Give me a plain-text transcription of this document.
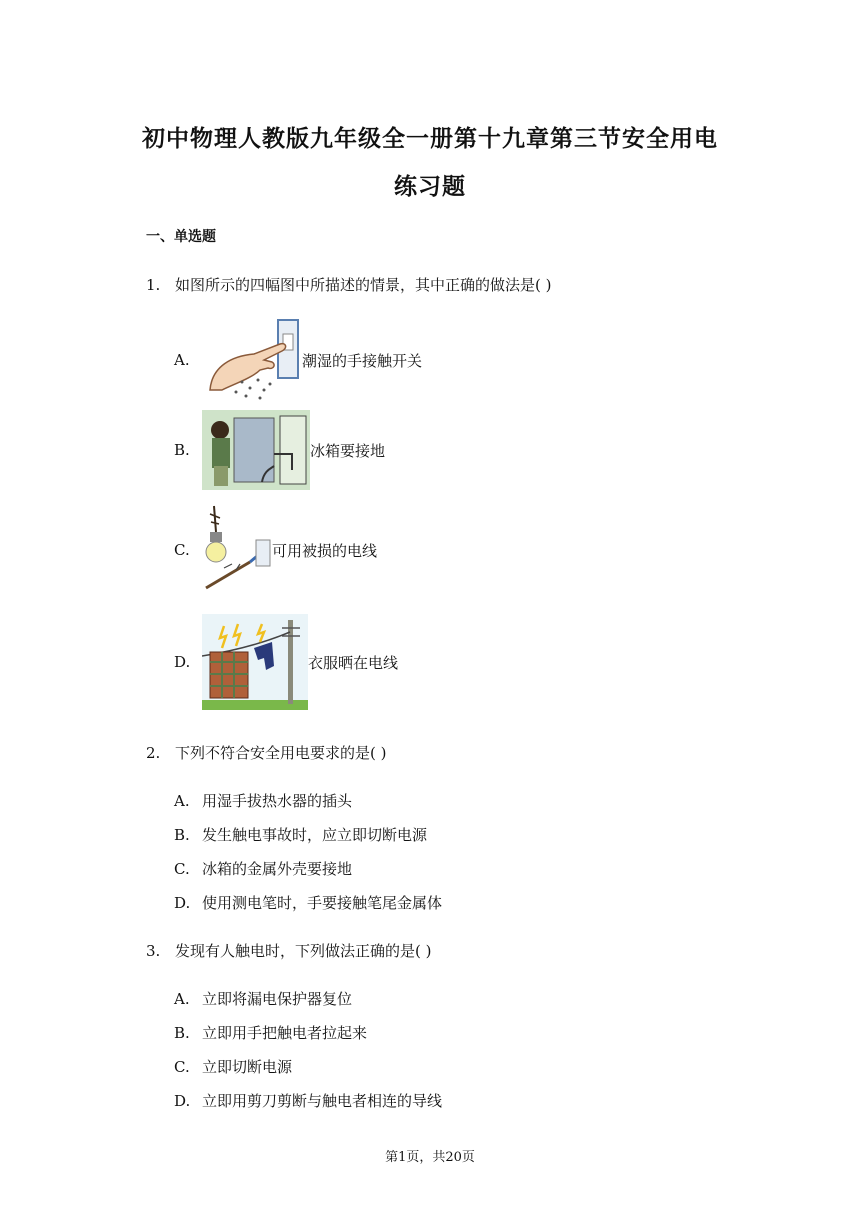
初中物理人教版九年级全一册第十九章第三节安全用电
练习题
一、单选题
1. 如图所示的四幅图中所描述的情景，其中正确的做法是( )
A.	潮湿的手接触开关
B.	冰箱要接地
C.	可用被损的电线
D.	衣服晒在电线
2. 下列不符合安全用电要求的是( )
A. 用湿手拔热水器的插头
B. 发生触电事故时，应立即切断电源
C. 冰箱的金属外壳要接地
D. 使用测电笔时，手要接触笔尾金属体
3. 发现有人触电时，下列做法正确的是( )
A. 立即将漏电保护器复位
B. 立即用手把触电者拉起来
C. 立即切断电源
D. 立即用剪刀剪断与触电者相连的导线
第1页，共20页
